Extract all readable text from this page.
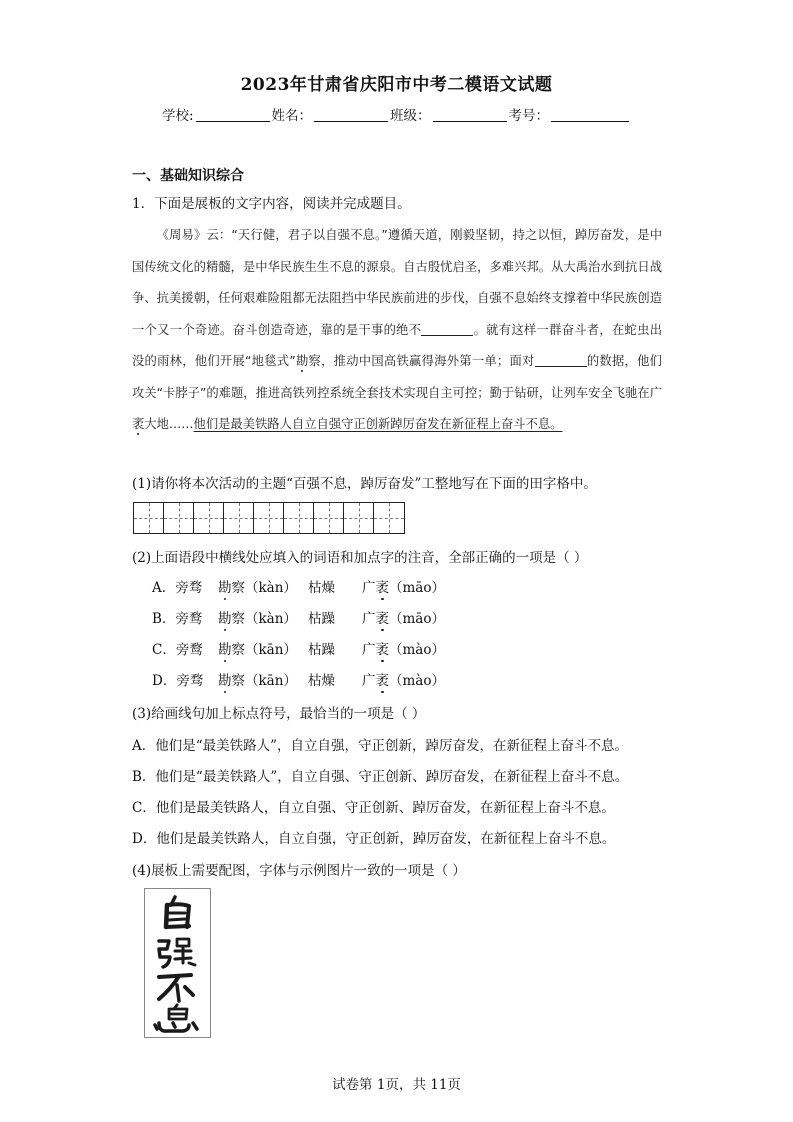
2023年甘肃省庆阳市中考二模语文试题
学校:	姓名：	班级：	考号：
一、基础知识综合
1．下面是展板的文字内容，阅读并完成题目。

《周易》云：“天行健，君子以自强不息。”遵循天道，刚毅坚韧，持之以恒，踔厉奋发，是中国传统文化的精髓，是中华民族生生不息的源泉。自古殷忧启圣，多难兴邦。从大禹治水到抗日战争、抗美援朝，任何艰难险阻都无法阻挡中华民族前进的步伐，自强不息始终支撑着中华民族创造一个又一个奇迹。奋斗创造奇迹，靠的是干事的绝不	。就有这样一群奋斗者，在蛇虫出没的雨林，他们开展“地毯式”勘察，推动中国高铁赢得海外第一单；面对	的数据，他们攻关“卡脖子”的难题，推进高铁列控系统全套技术实现自主可控；勤于钻研，让列车安全飞驰在广袤大地……他们是最美铁路人自立自强守正创新踔厉奋发在新征程上奋斗不息。

(1)请你将本次活动的主题“百强不息，踔厉奋发”工整地写在下面的田字格中。
(2)上面语段中横线处应填入的词语和加点字的注音，全部正确的一项是（ ）
A．旁骛 勘察（kàn） 枯燥 广袤（māo）
B．旁鹜 勘察（kàn） 枯躁 广袤（māo）
C．旁鹜 勘察（kān） 枯躁 广袤（mào）
D．旁骛 勘察（kān） 枯燥 广袤（mào）
(3)给画线句加上标点符号，最恰当的一项是（ ）
A．他们是“最美铁路人”，自立自强，守正创新，踔厉奋发，在新征程上奋斗不息。
B．他们是“最美铁路人”，自立自强、守正创新、踔厉奋发，在新征程上奋斗不息。
C．他们是最美铁路人，自立自强、守正创新、踔厉奋发，在新征程上奋斗不息。
D．他们是最美铁路人，自立自强，守正创新，踔厉奋发，在新征程上奋斗不息。
(4)展板上需要配图，字体与示例图片一致的一项是（ ）
试卷第 1页，共 11页
